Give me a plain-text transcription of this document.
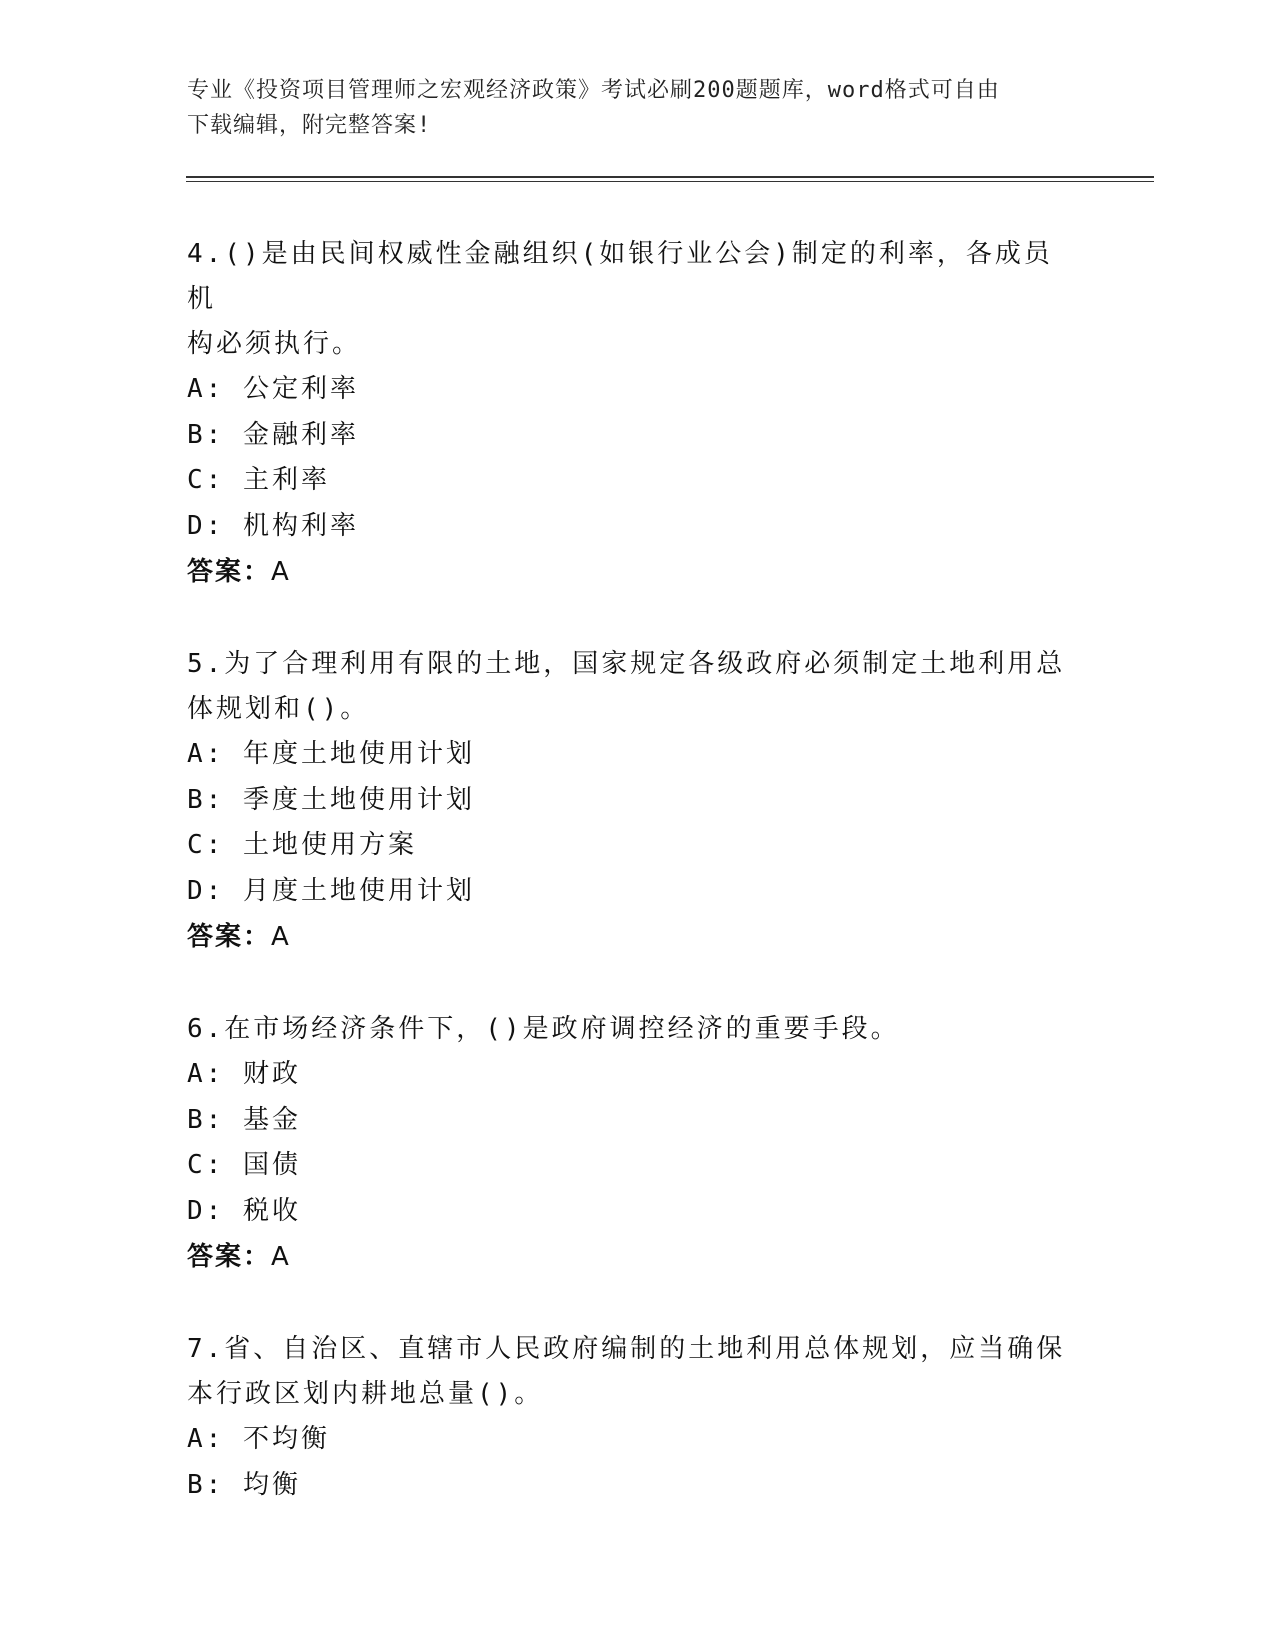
专业《投资项目管理师之宏观经济政策》考试必刷200题题库，word格式可自由
下载编辑，附完整答案!
4.()是由民间权威性金融组织(如银行业公会)制定的利率，各成员机
构必须执行。
A: 公定利率
B: 金融利率
C: 主利率
D: 机构利率
答案：A
5.为了合理利用有限的土地，国家规定各级政府必须制定土地利用总
体规划和()。
A: 年度土地使用计划
B: 季度土地使用计划
C: 土地使用方案
D: 月度土地使用计划
答案：A
6.在市场经济条件下，()是政府调控经济的重要手段。
A: 财政
B: 基金
C: 国债
D: 税收
答案：A
7.省、自治区、直辖市人民政府编制的土地利用总体规划，应当确保
本行政区划内耕地总量()。
A: 不均衡
B: 均衡
